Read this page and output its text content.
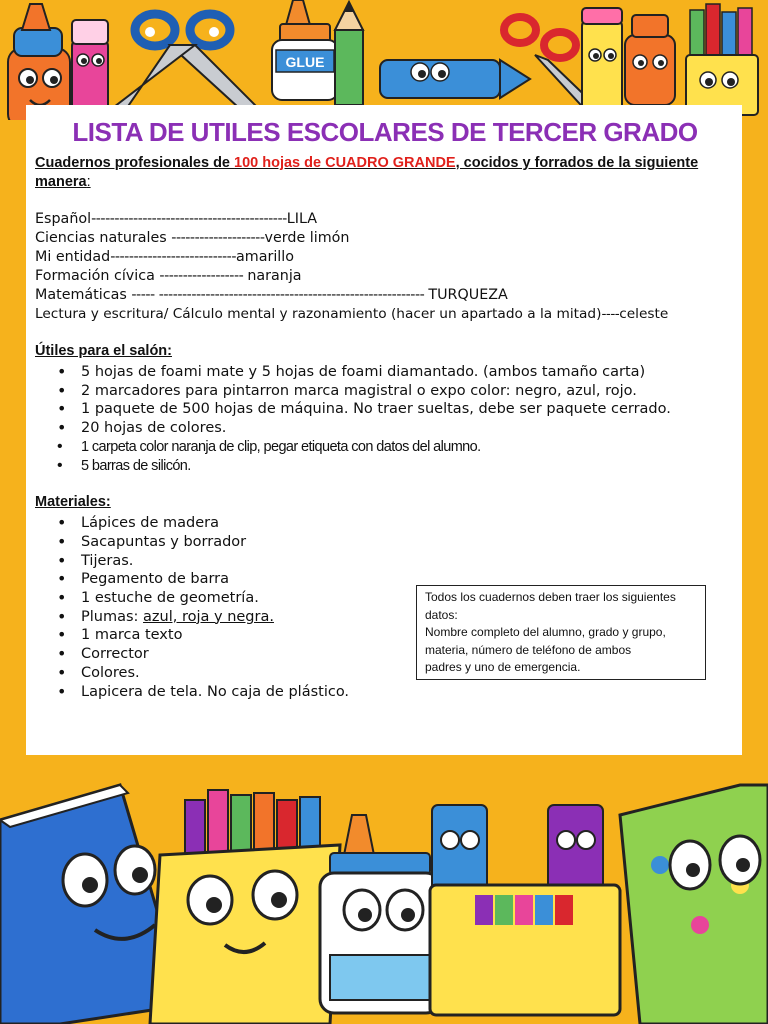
GLUE
LISTA DE UTILES ESCOLARES DE TERCER GRADO

Cuadernos profesionales de 100 hojas de CUADRO GRANDE, cocidos y forrados de la siguiente manera:

Español------------------------------------------LILA
Ciencias naturales --------------------verde limón
Mi entidad---------------------------amarillo
Formación cívica ------------------ naranja
Matemáticas ----- --------------------------------------------------------- TURQUEZA
Lectura y escritura/ Cálculo mental y razonamiento (hacer un apartado a la mitad)----celeste
Útiles para el salón:
• 5 hojas de foami mate y 5 hojas de foami diamantado. (ambos tamaño carta)
• 2 marcadores para pintarron marca magistral o expo color: negro, azul, rojo.
• 1 paquete de 500 hojas de máquina. No traer sueltas, debe ser paquete cerrado.
• 20 hojas de colores.
• 1 carpeta color naranja de clip, pegar etiqueta con datos del alumno.
• 5 barras de silicón.
Materiales:
• Lápices de madera
• Sacapuntas y borrador
• Tijeras.
• Pegamento de barra
• 1 estuche de geometría.
• Plumas: azul, roja y negra.
• 1 marca texto
• Corrector
• Colores.
• Lapicera de tela. No caja de plástico.

Todos los cuadernos deben traer los siguientes

datos:

Nombre completo del alumno, grado y grupo,

materia, número de teléfono de ambos

padres y uno de emergencia.
